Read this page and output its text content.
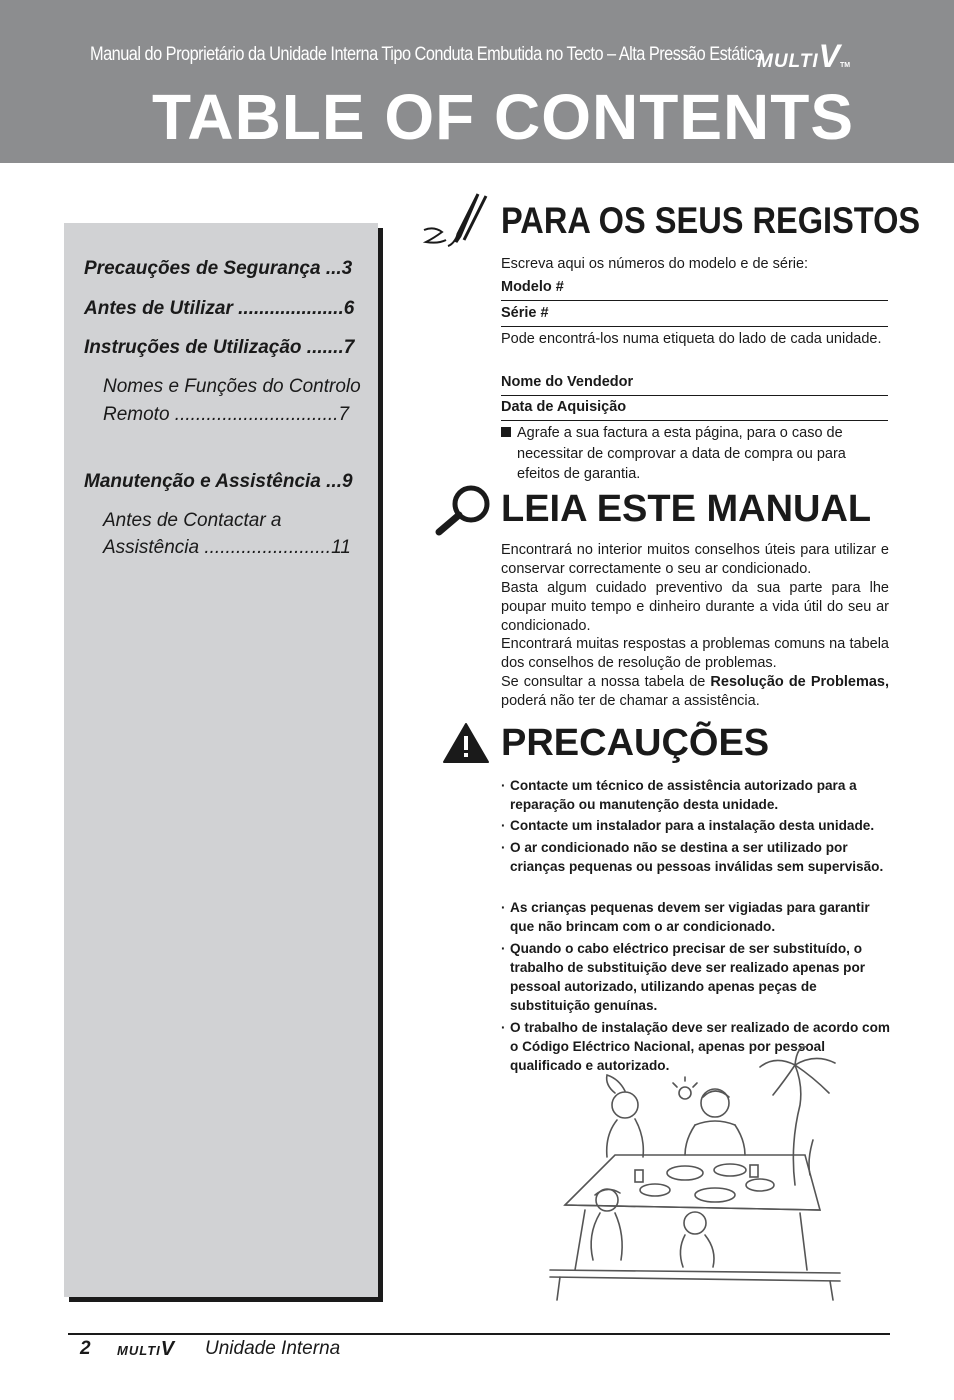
Manual do Proprietário da Unidade Interna Tipo Conduta Embutida no Tecto – Alta Pressão Estática
MULTIVTM
TABLE OF CONTENTS
Precauções de Segurança ...3
Antes de Utilizar ....................6
Instruções de Utilização .......7
Nomes e Funções do Controlo
Remoto ...............................7
Manutenção e Assistência ...9
Antes de Contactar a
Assistência ........................11
PARA OS SEUS REGISTOS
Escreva aqui os números do modelo e de série:
Modelo #
Série #
Pode encontrá-los numa etiqueta do lado de cada unidade.
Nome do Vendedor
Data de Aquisição
Agrafe a sua factura a esta página, para o caso de
necessitar de comprovar a data de compra ou para
efeitos de garantia.
LEIA ESTE MANUAL
Encontrará no interior muitos conselhos úteis para utilizar e conservar correctamente o seu ar condicionado.
Basta algum cuidado preventivo da sua parte para lhe poupar muito tempo e dinheiro durante a vida útil do seu ar condicionado.
Encontrará muitas respostas a problemas comuns na tabela dos conselhos de resolução de problemas.
Se consultar a nossa tabela de Resolução de Problemas, poderá não ter de chamar a assistência.
PRECAUÇÕES
· Contacte um técnico de assistência autorizado para a reparação ou manutenção desta unidade.
· Contacte um instalador para a instalação desta unidade.
· O ar condicionado não se destina a ser utilizado por crianças pequenas ou pessoas inválidas sem supervisão.
· As crianças pequenas devem ser vigiadas para garantir que não brincam com o ar condicionado.
· Quando o cabo eléctrico precisar de ser substituído, o trabalho de substituição deve ser realizado apenas por pessoal autorizado, utilizando apenas peças de substituição genuínas.
· O trabalho de instalação deve ser realizado de acordo com o Código Eléctrico Nacional, apenas por pessoal qualificado e autorizado.
2 MULTIV Unidade Interna
